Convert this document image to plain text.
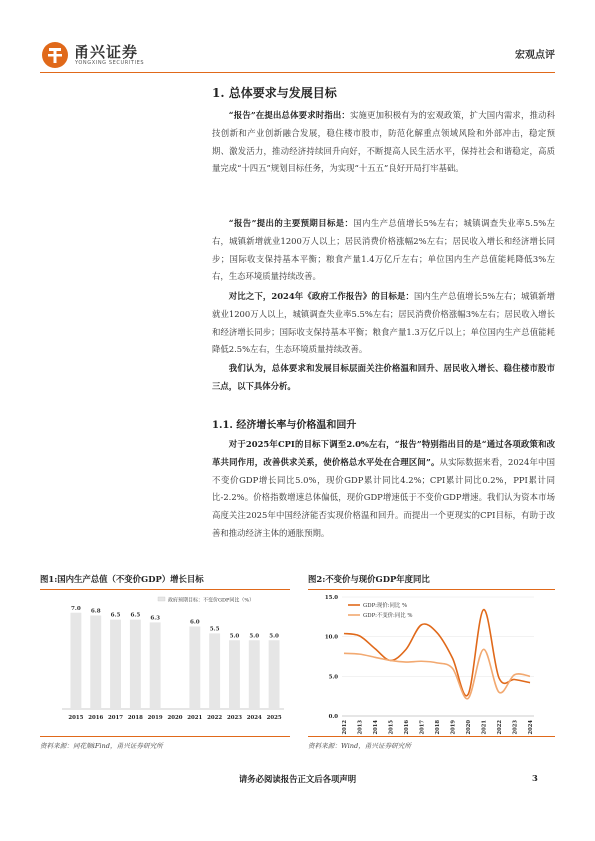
甬兴证券
YONGXING SECURITIES
宏观点评
1. 总体要求与发展目标
“报告”在提出总体要求时指出：实施更加积极有为的宏观政策，扩大国内需求，推动科技创新和产业创新融合发展，稳住楼市股市，防范化解重点领域风险和外部冲击，稳定预期、激发活力，推动经济持续回升向好，不断提高人民生活水平，保持社会和谐稳定，高质量完成“十四五”规划目标任务，为实现“十五五”良好开局打牢基础。
“报告”提出的主要预期目标是：国内生产总值增长5%左右；城镇调查失业率5.5%左右，城镇新增就业1200万人以上；居民消费价格涨幅2%左右；居民收入增长和经济增长同步；国际收支保持基本平衡；粮食产量1.4万亿斤左右；单位国内生产总值能耗降低3%左右，生态环境质量持续改善。
对比之下，2024年《政府工作报告》的目标是：国内生产总值增长5%左右；城镇新增就业1200万人以上，城镇调查失业率5.5%左右；居民消费价格涨幅3%左右；居民收入增长和经济增长同步；国际收支保持基本平衡；粮食产量1.3万亿斤以上；单位国内生产总值能耗降低2.5%左右，生态环境质量持续改善。
我们认为，总体要求和发展目标层面关注价格温和回升、居民收入增长、稳住楼市股市三点，以下具体分析。
1.1. 经济增长率与价格温和回升
对于2025年CPI的目标下调至2.0%左右，“报告”特别指出目的是“通过各项政策和改革共同作用，改善供求关系，使价格总水平处在合理区间”。从实际数据来看，2024年中国不变价GDP增长同比5.0%，现价GDP累计同比4.2%；CPI累计同比0.2%，PPI累计同比-2.2%。价格指数增速总体偏低，现价GDP增速低于不变价GDP增速。我们认为资本市场高度关注2025年中国经济能否实现价格温和回升。而提出一个更现实的CPI目标，有助于改善和推动经济主体的通胀预期。
图1:国内生产总值（不变价GDP）增长目标
7.0
2015
6.8
2016
6.5
2017
6.5
2018
6.3
2019 2020
6.0
2021
5.5
2022
5.0
2023
5.0
2024
5.0
2025
政府预期目标：不变价GDP同比（%）
资料来源：同花顺iFind，甬兴证券研究所
图2:不变价与现价GDP年度同比
0.0
5.0
10.0
15.0
2012 2013 2014 2015 2016 2017 2018 2019 2020 2021 2022 2023 2024
GDP:现价:同比 %
GDP:不变价:同比 %
资料来源：Wind，甬兴证券研究所
请务必阅读报告正文后各项声明	3
